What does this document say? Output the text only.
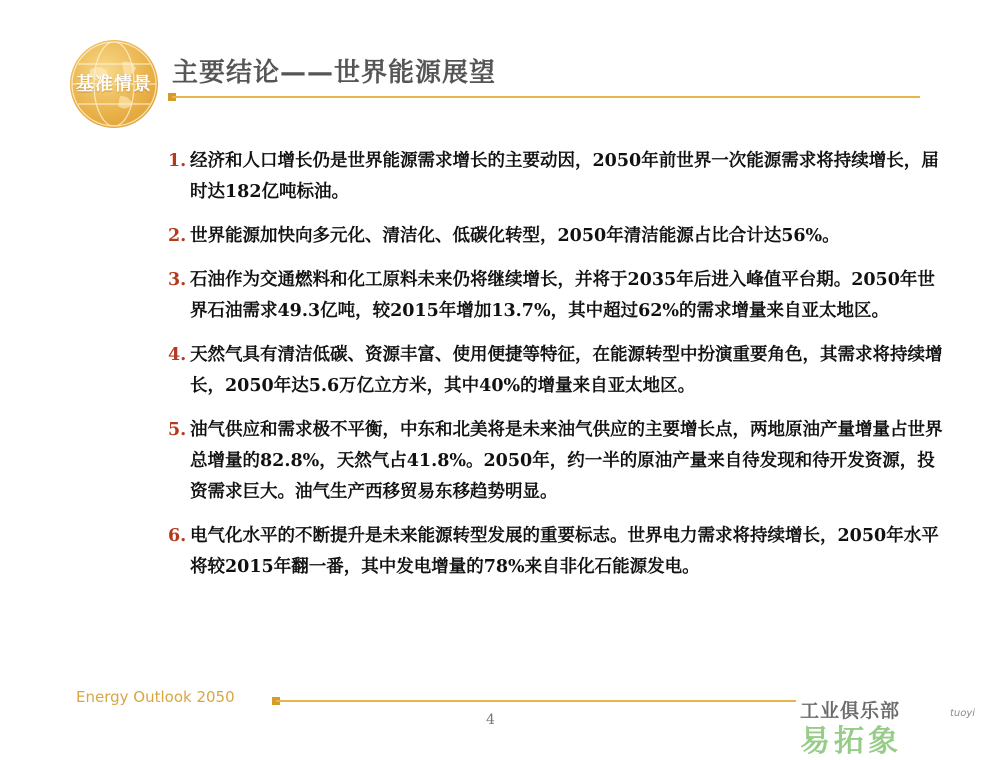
基准情景 主要结论——世界能源展望
1. 经济和人口增长仍是世界能源需求增长的主要动因，2050年前世界一次能源需求将持续增长，届时达182亿吨标油。
2. 世界能源加快向多元化、清洁化、低碳化转型，2050年清洁能源占比合计达56%。
3. 石油作为交通燃料和化工原料未来仍将继续增长，并将于2035年后进入峰值平台期。2050年世界石油需求49.3亿吨，较2015年增加13.7%，其中超过62%的需求增量来自亚太地区。
4. 天然气具有清洁低碳、资源丰富、使用便捷等特征，在能源转型中扮演重要角色，其需求将持续增长，2050年达5.6万亿立方米，其中40%的增量来自亚太地区。
5. 油气供应和需求极不平衡，中东和北美将是未来油气供应的主要增长点，两地原油产量增量占世界总增量的82.8%，天然气占41.8%。2050年，约一半的原油产量来自待发现和待开发资源，投资需求巨大。油气生产西移贸易东移趋势明显。
6. 电气化水平的不断提升是未来能源转型发展的重要标志。世界电力需求将持续增长，2050年水平将较2015年翻一番，其中发电增量的78%来自非化石能源发电。
Energy Outlook 2050
4
易拓象
工业俱乐部	tuoyi
